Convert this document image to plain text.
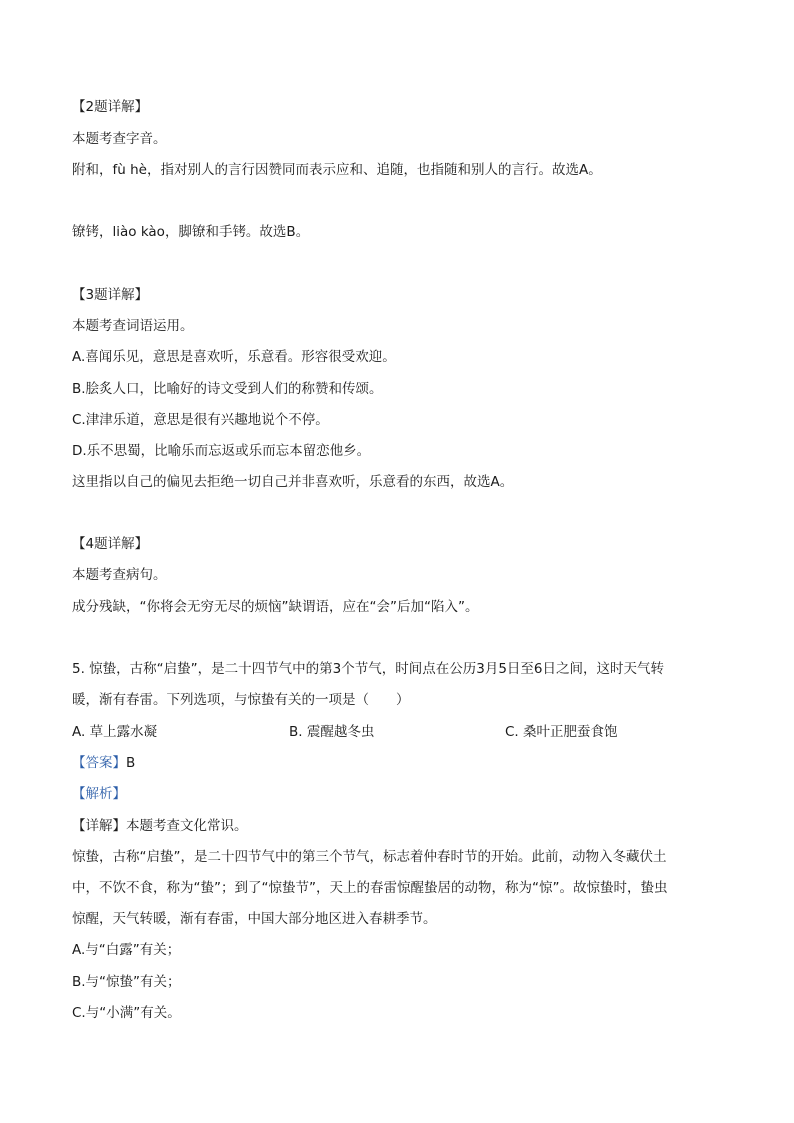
【2题详解】
本题考查字音。
附和，fù hè，指对别人的言行因赞同而表示应和、追随，也指随和别人的言行。故选A。
镣铐，liào kào，脚镣和手铐。故选B。
【3题详解】
本题考查词语运用。
A.喜闻乐见，意思是喜欢听，乐意看。形容很受欢迎。
B.脍炙人口，比喻好的诗文受到人们的称赞和传颂。
C.津津乐道，意思是很有兴趣地说个不停。
D.乐不思蜀，比喻乐而忘返或乐而忘本留恋他乡。
这里指以自己的偏见去拒绝一切自己并非喜欢听，乐意看的东西，故选A。
【4题详解】
本题考查病句。
成分残缺，“你将会无穷无尽的烦恼”缺谓语，应在“会”后加“陷入”。
5. 惊蛰，古称“启蛰”，是二十四节气中的第3个节气，时间点在公历3月5日至6日之间，这时天气转
暖，渐有春雷。下列选项，与惊蛰有关的一项是（　　）
A. 草上露水凝	B. 震醒越冬虫	C. 桑叶正肥蚕食饱
【答案】B
【解析】
【详解】本题考查文化常识。
惊蛰，古称“启蛰”，是二十四节气中的第三个节气，标志着仲春时节的开始。此前，动物入冬藏伏土
中，不饮不食，称为“蛰”；到了“惊蛰节”，天上的春雷惊醒蛰居的动物，称为“惊”。故惊蛰时，蛰虫
惊醒，天气转暖，渐有春雷，中国大部分地区进入春耕季节。
A.与“白露”有关；
B.与“惊蛰”有关；
C.与“小满”有关。
